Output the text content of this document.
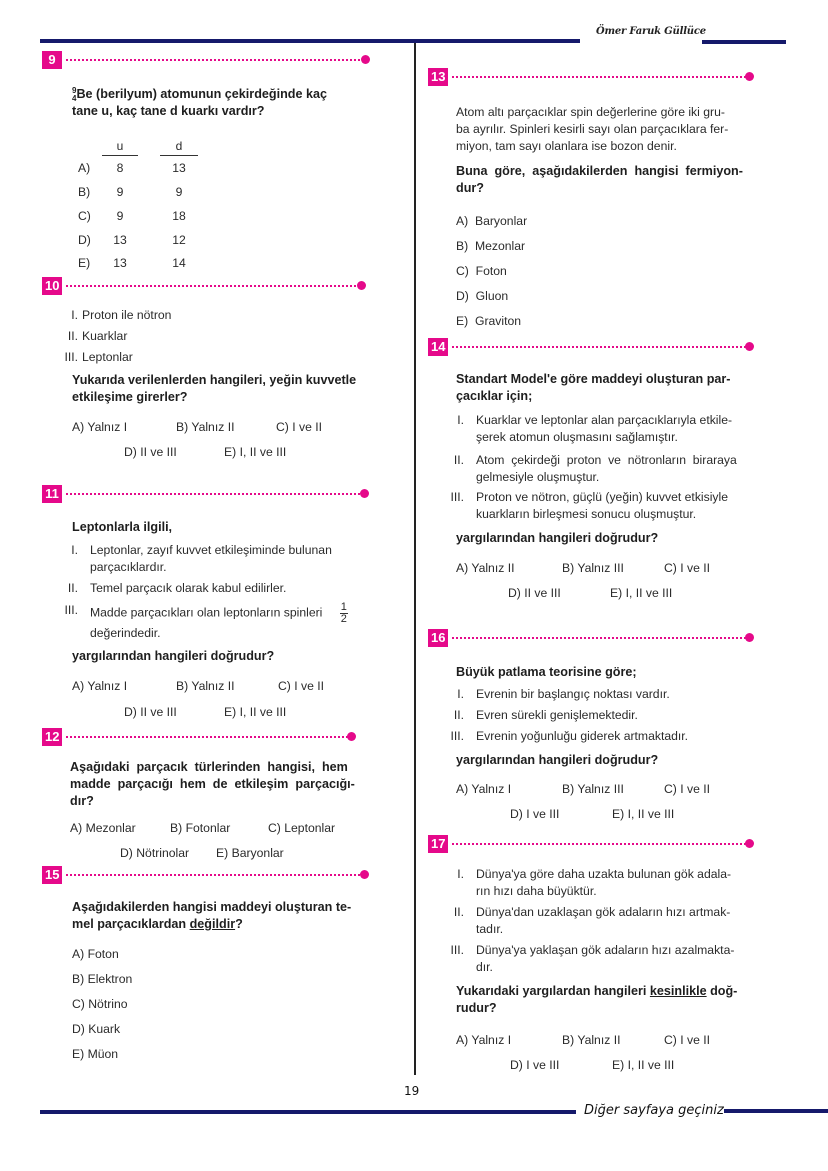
Ömer Faruk Güllüce
9
9
4 Be (berilyum) atomunun çekirdeğinde kaç
tane u, kaç tane d kuarkı vardır?
u	d
A)	8	13
B)	9	9
C)	9	18
D)	13	12
E)	13	14
10
I. Proton ile nötron
II. Kuarklar
III. Leptonlar
Yukarıda verilenlerden hangileri, yeğin kuvvetle
etkileşime girerler?
A) Yalnız I	B) Yalnız II	C) I ve II
D) II ve III	E) I, II ve III
11
Leptonlarla ilgili,
I. Leptonlar, zayıf kuvvet etkileşiminde bulunan
parçacıklardır.
II. Temel parçacık olarak kabul edilirler.
III. Madde parçacıkları olan leptonların spinleri $\frac{1}{2}$
değerindedir.
yargılarından hangileri doğrudur?
A) Yalnız I	B) Yalnız II	C) I ve II
D) II ve III	E) I, II ve III
12
Aşağıdaki  parçacık  türlerinden  hangisi,  hem
madde  parçacığı  hem  de  etkileşim  parçacığı-
dır?
A) Mezonlar	B) Fotonlar	C) Leptonlar
D) Nötrinolar E) Baryonlar
15
Aşağıdakilerden hangisi maddeyi oluşturan te-
mel parçacıklardan değildir?
A) Foton
B) Elektron
C) Nötrino
D) Kuark
E) Müon
13
Atom altı parçacıklar spin değerlerine göre iki gru-
ba ayrılır. Spinleri kesirli sayı olan parçacıklara fer-
miyon, tam sayı olanlara ise bozon denir.
Buna  göre,  aşağıdakilerden  hangisi  fermiyon-
dur?
A) Baryonlar
B) Mezonlar
C) Foton
D) Gluon
E) Graviton
14
Standart Model'e göre maddeyi oluşturan par-
çacıklar için;
I. Kuarklar ve leptonlar alan parçacıklarıyla etkile-
şerek atomun oluşmasını sağlamıştır.
II. Atom  çekirdeği  proton  ve  nötronların  biraraya
gelmesiyle oluşmuştur.
III. Proton ve nötron, güçlü (yeğin) kuvvet etkisiyle
kuarkların birleşmesi sonucu oluşmuştur.
yargılarından hangileri doğrudur?
A) Yalnız II	B) Yalnız III	C) I ve II
D) II ve III	E) I, II ve III
16
Büyük patlama teorisine göre;
I. Evrenin bir başlangıç noktası vardır.
II. Evren sürekli genişlemektedir.
III. Evrenin yoğunluğu giderek artmaktadır.
yargılarından hangileri doğrudur?
A) Yalnız I	B) Yalnız III	C) I ve II
D) I ve III	E) I, II ve III
17
I. Dünya'ya göre daha uzakta bulunan gök adala-
rın hızı daha büyüktür.
II. Dünya'dan uzaklaşan gök adaların hızı artmak-
tadır.
III. Dünya'ya yaklaşan gök adaların hızı azalmakta-
dır.
Yukarıdaki yargılardan hangileri kesinlikle doğ-
rudur?
A) Yalnız I	B) Yalnız II	C) I ve II
D) I ve III	E) I, II ve III
19
Diğer sayfaya geçiniz
